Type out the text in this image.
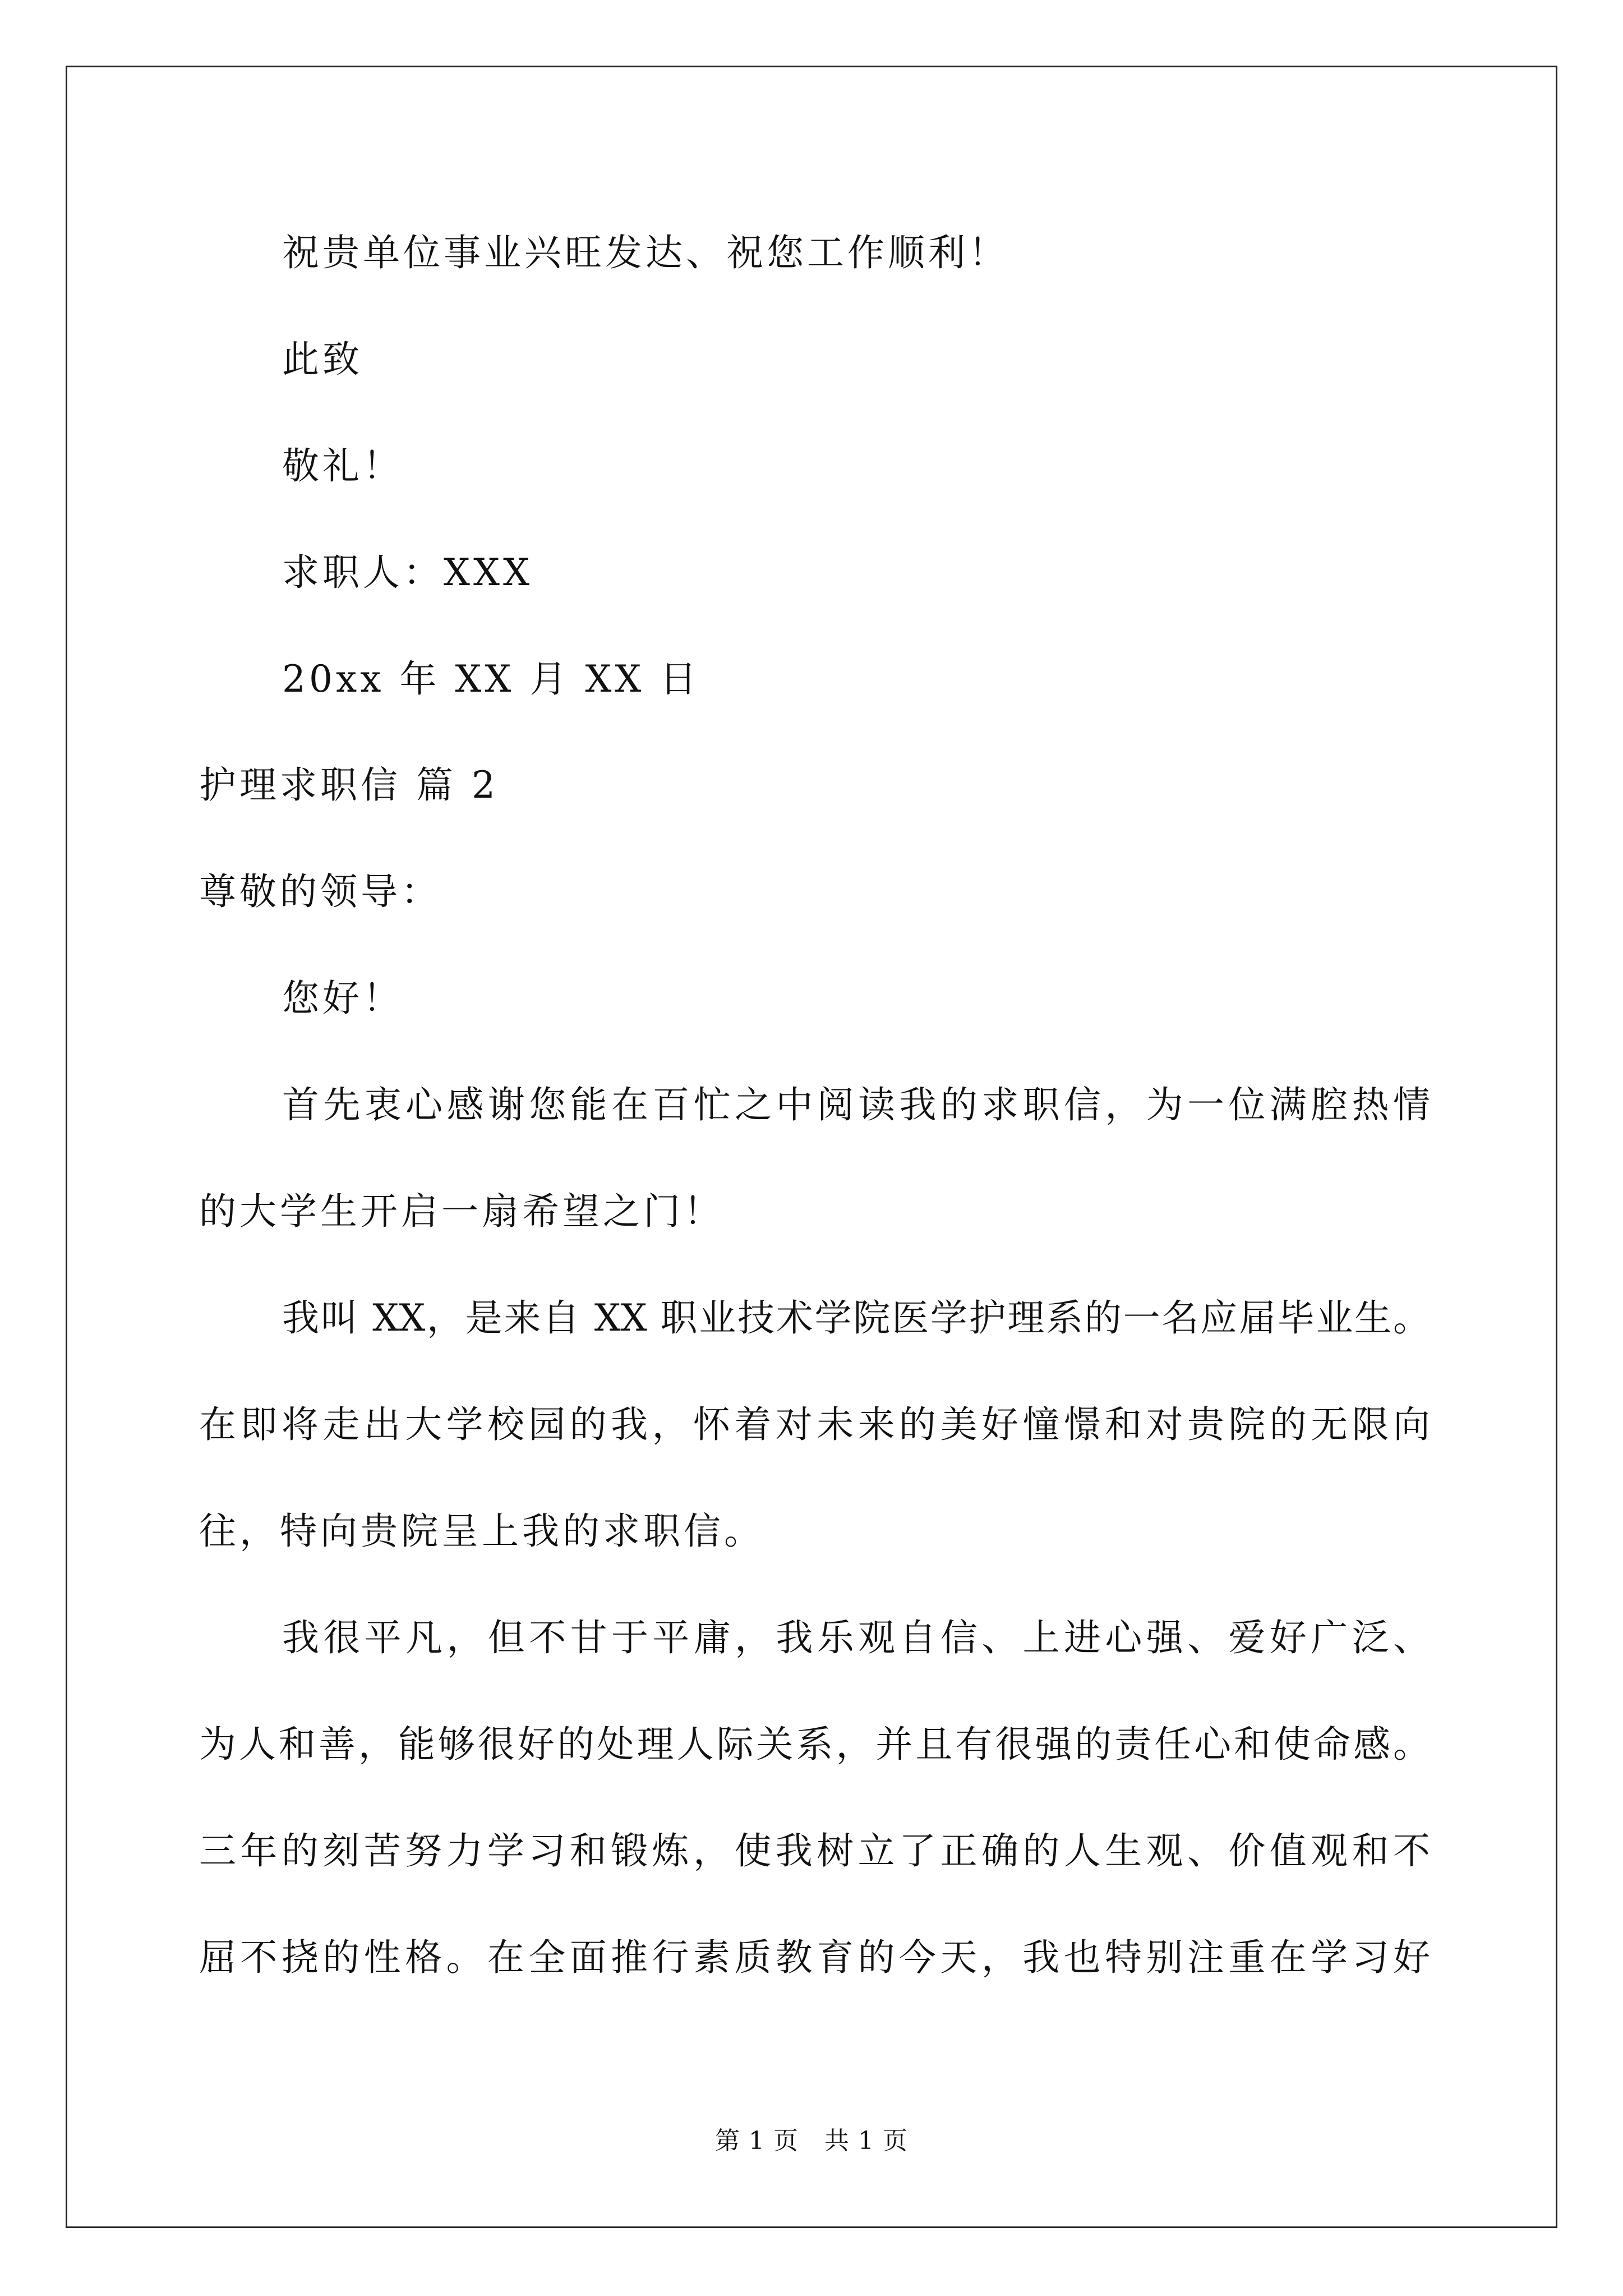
祝贵单位事业兴旺发达、祝您工作顺利！
此致
敬礼！
求职人：XXX
20xx 年 XX 月 XX 日
护理求职信 篇 2
尊敬的领导：
您好！
首先衷心感谢您能在百忙之中阅读我的求职信，为一位满腔热情
的大学生开启一扇希望之门！
我叫 XX，是来自 XX 职业技术学院医学护理系的一名应届毕业生。
在即将走出大学校园的我，怀着对未来的美好憧憬和对贵院的无限向
往，特向贵院呈上我的求职信。
我很平凡，但不甘于平庸，我乐观自信、上进心强、爱好广泛、
为人和善，能够很好的处理人际关系，并且有很强的责任心和使命感。
三年的刻苦努力学习和锻炼，使我树立了正确的人生观、价值观和不
屈不挠的性格。在全面推行素质教育的今天，我也特别注重在学习好
第 1 页 共 1 页
